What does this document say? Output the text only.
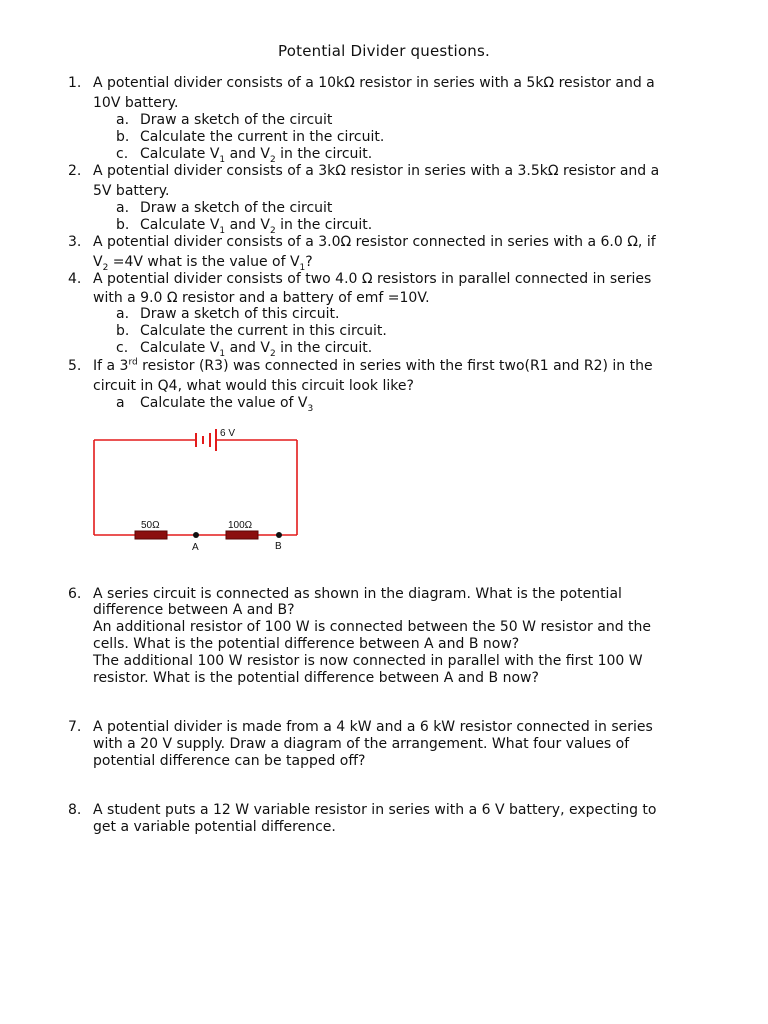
Potential Divider questions.
1. A potential divider consists of a 10kΩ resistor in series with a 5kΩ resistor and a
10V battery.
a. Draw a sketch of the circuit
b. Calculate the current in the circuit.
c. Calculate $V_1$ and $V_2$ in the circuit.
2. A potential divider consists of a 3kΩ resistor in series with a 3.5kΩ resistor and a
5V battery.
a. Draw a sketch of the circuit
b. Calculate $V_1$ and $V_2$ in the circuit.
3. A potential divider consists of a 3.0Ω resistor connected in series with a 6.0 Ω, if
$V_2 =4V$ what is the value of $V_1$?
4. A potential divider consists of two 4.0 Ω resistors in parallel connected in series
with a 9.0 Ω resistor and a battery of emf =10V.
a. Draw a sketch of this circuit.
b. Calculate the current in this circuit.
c. Calculate $V_1$ and $V_2$ in the circuit.
5. If a 3rd resistor (R3) was connected in series with the first two(R1 and R2) in the
circuit in Q4, what would this circuit look like?
a	Calculate the value of $V_3$
6 V
50Ω	100Ω
A	B
6. A series circuit is connected as shown in the diagram. What is the potential
difference between A and B?
An additional resistor of 100 W is connected between the 50 W resistor and the
cells. What is the potential difference between A and B now?
The additional 100 W resistor is now connected in parallel with the first 100 W
resistor. What is the potential difference between A and B now?
7. A potential divider is made from a 4 kW and a 6 kW resistor connected in series
with a 20 V supply. Draw a diagram of the arrangement. What four values of
potential difference can be tapped off?
8. A student puts a 12 W variable resistor in series with a 6 V battery, expecting to
get a variable potential difference.
